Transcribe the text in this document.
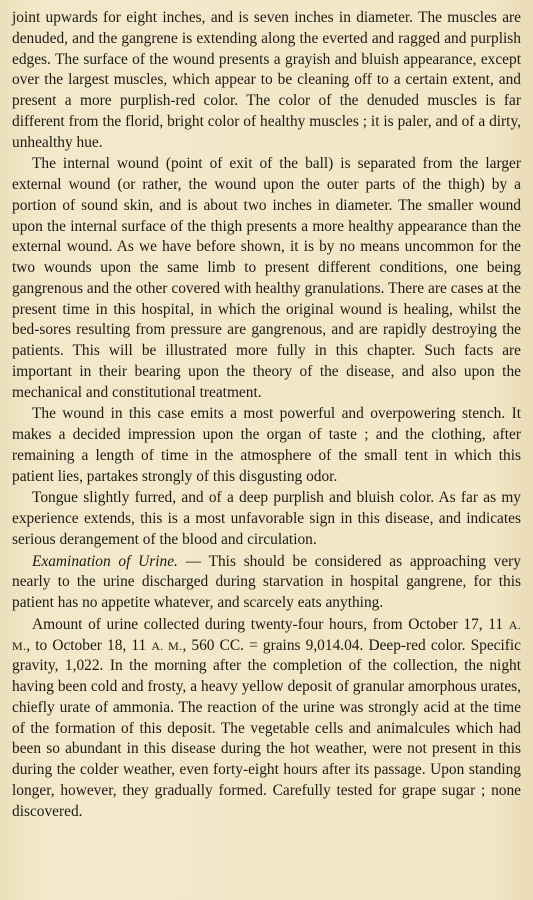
joint upwards for eight inches, and is seven inches in diameter. The muscles are denuded, and the gangrene is extending along the everted and ragged and purplish edges. The surface of the wound presents a grayish and bluish appearance, except over the largest muscles, which appear to be cleaning off to a certain extent, and present a more purplish-red color. The color of the denuded muscles is far different from the florid, bright color of healthy muscles ; it is paler, and of a dirty, unhealthy hue.

The internal wound (point of exit of the ball) is separated from the larger external wound (or rather, the wound upon the outer parts of the thigh) by a portion of sound skin, and is about two inches in diameter. The smaller wound upon the internal surface of the thigh presents a more healthy appearance than the external wound. As we have before shown, it is by no means uncommon for the two wounds upon the same limb to present different conditions, one being gangrenous and the other covered with healthy granulations. There are cases at the present time in this hospital, in which the original wound is healing, whilst the bed-sores resulting from pressure are gangrenous, and are rapidly destroying the patients. This will be illustrated more fully in this chapter. Such facts are important in their bearing upon the theory of the disease, and also upon the mechanical and constitutional treatment.

The wound in this case emits a most powerful and overpowering stench. It makes a decided impression upon the organ of taste ; and the clothing, after remaining a length of time in the atmosphere of the small tent in which this patient lies, partakes strongly of this disgusting odor.

Tongue slightly furred, and of a deep purplish and bluish color. As far as my experience extends, this is a most unfavorable sign in this disease, and indicates serious derangement of the blood and circulation.

Examination of Urine. — This should be considered as approaching very nearly to the urine discharged during starvation in hospital gangrene, for this patient has no appetite whatever, and scarcely eats anything.

Amount of urine collected during twenty-four hours, from October 17, 11 A. M., to October 18, 11 A. M., 560 CC. = grains 9,014.04. Deep-red color. Specific gravity, 1,022. In the morning after the completion of the collection, the night having been cold and frosty, a heavy yellow deposit of granular amorphous urates, chiefly urate of ammonia. The reaction of the urine was strongly acid at the time of the formation of this deposit. The vegetable cells and animalcules which had been so abundant in this disease during the hot weather, were not present in this during the colder weather, even forty-eight hours after its passage. Upon standing longer, however, they gradually formed. Carefully tested for grape sugar ; none discovered.
